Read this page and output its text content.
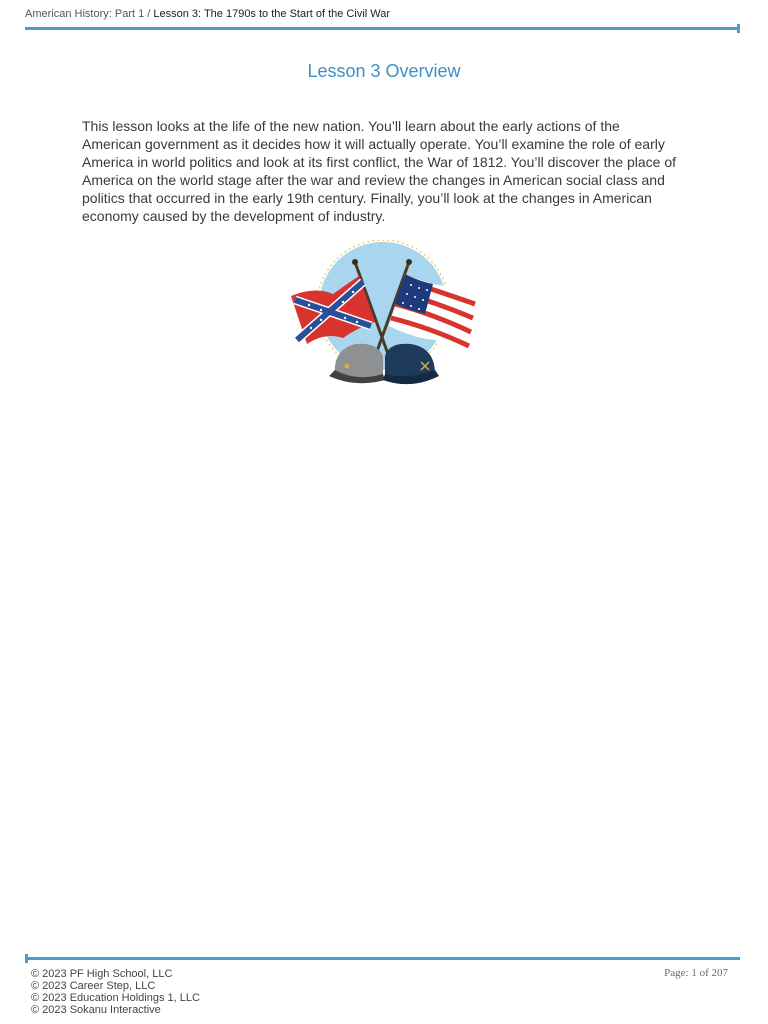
American History: Part 1 / Lesson 3: The 1790s to the Start of the Civil War
Lesson 3 Overview

This lesson looks at the life of the new nation. You’ll learn about the early actions of the American government as it decides how it will actually operate. You’ll examine the role of early America in world politics and look at its first conflict, the War of 1812. You’ll discover the place of America on the world stage after the war and review the changes in American social class and politics that occurred in the early 19th century. Finally, you’ll look at the changes in American economy caused by the development of industry.

© 2023 PF High School, LLC
© 2023 Career Step, LLC
© 2023 Education Holdings 1, LLC
© 2023 Sokanu Interactive
Page: 1 of 207
